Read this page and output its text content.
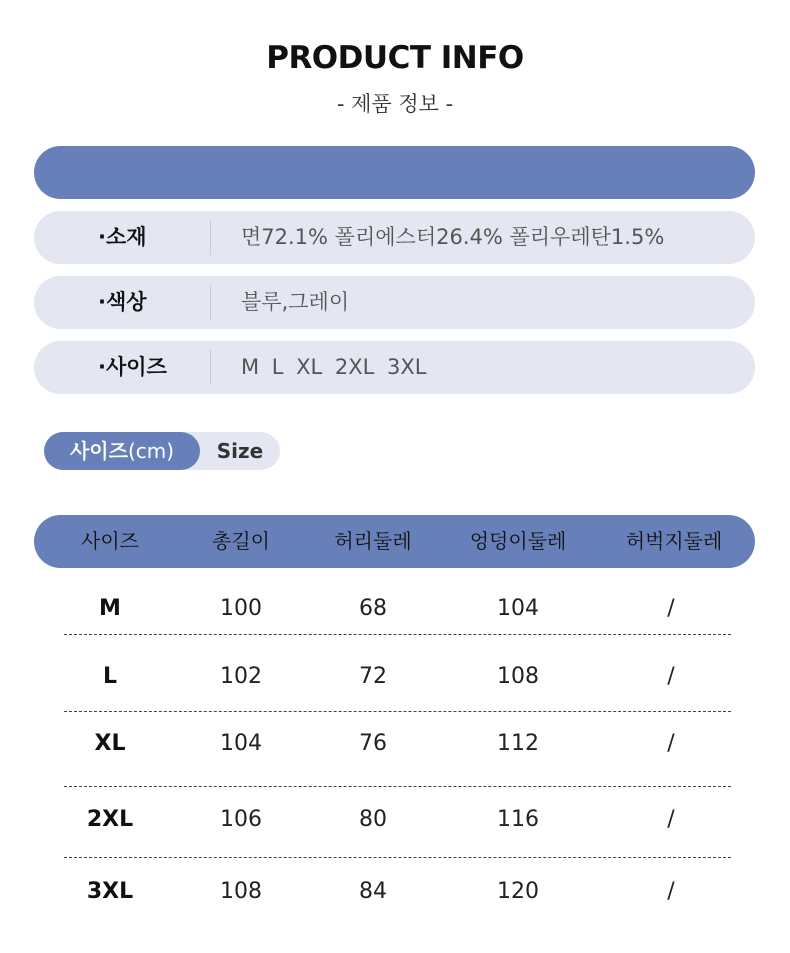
PRODUCT INFO
- 제품 정보 -
·소재	면72.1% 폴리에스터26.4% 폴리우레탄1.5%
·색상	블루,그레이
·사이즈	M L XL 2XL 3XL
사이즈(cm)	Size
사이즈	총길이	허리둘레	엉덩이둘레	허벅지둘레
M	100	68	104	/
L	102	72	108	/
XL	104	76	112	/
2XL	106	80	116	/
3XL	108	84	120	/
